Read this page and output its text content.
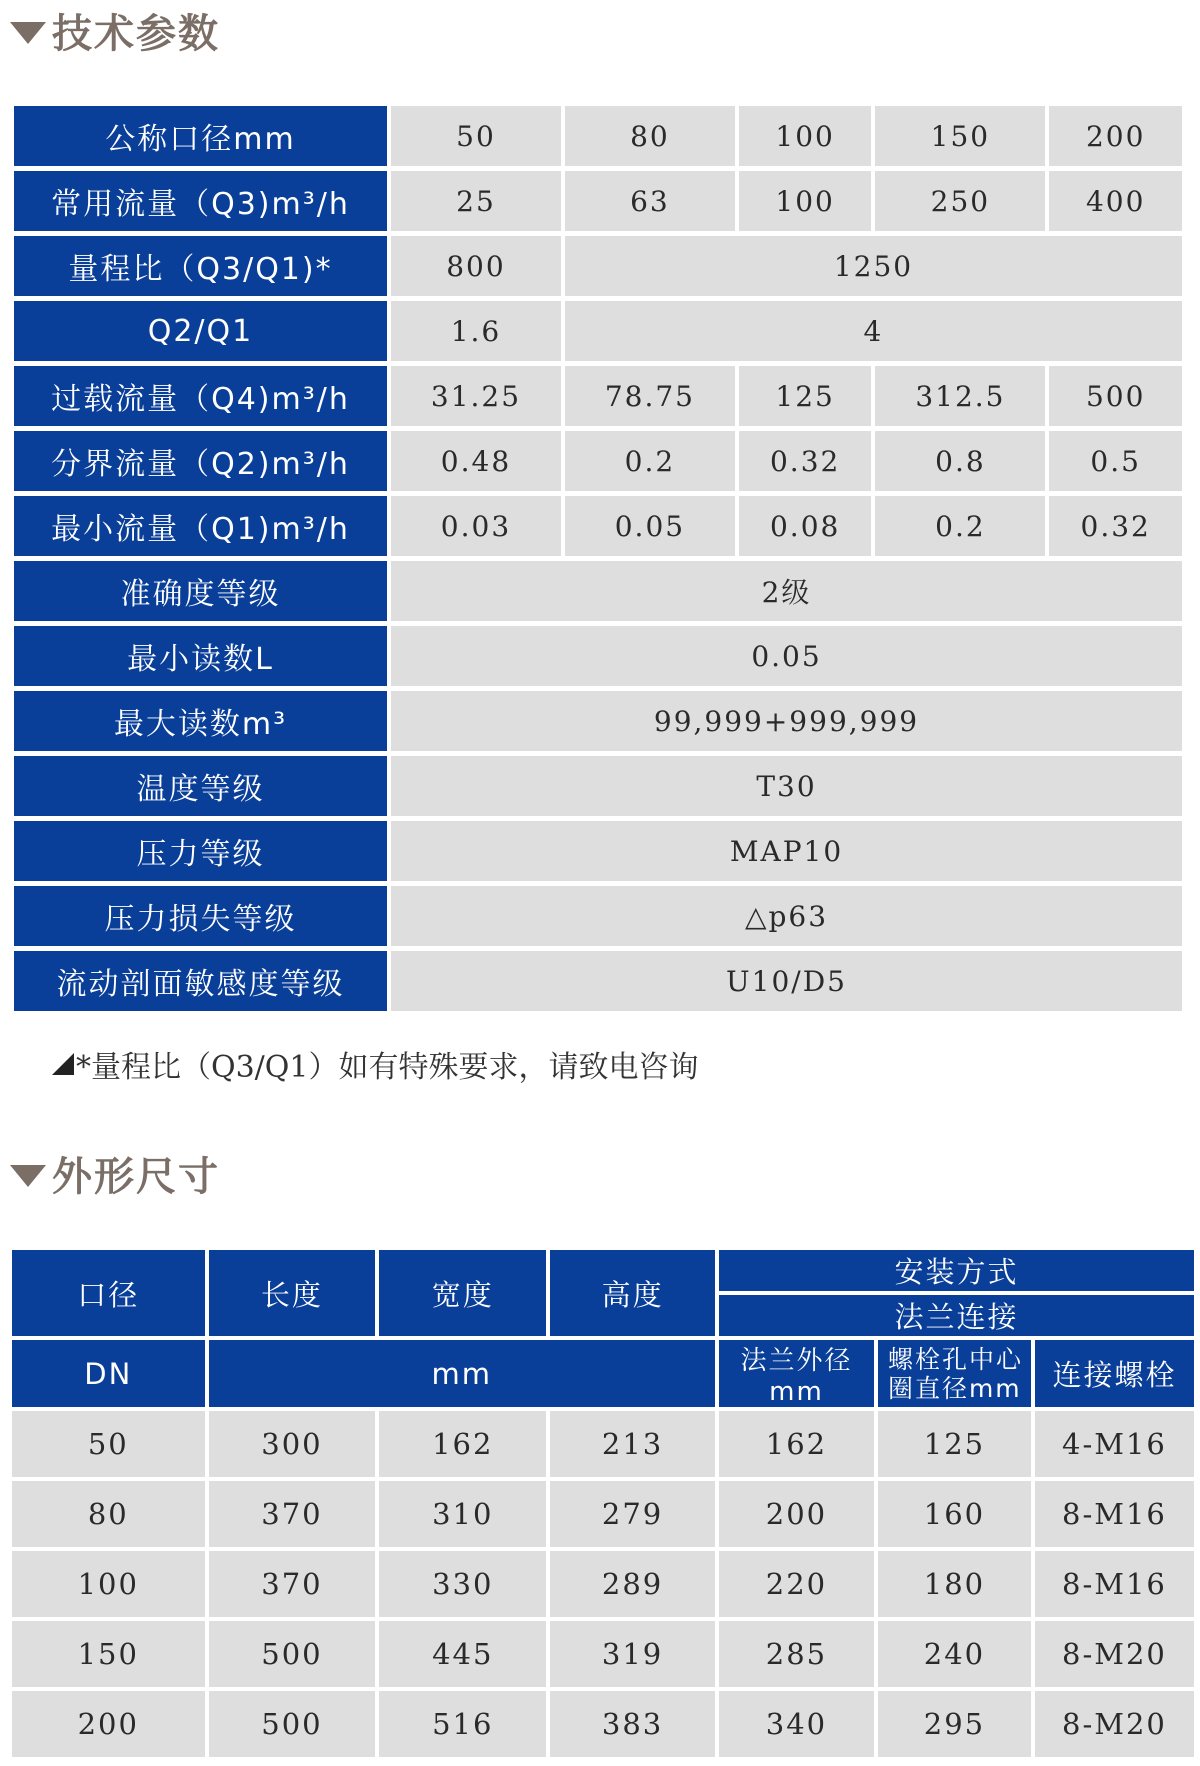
技术参数
公称口径mm	50	80	100	150	200
常用流量（Q3)m³/h	25	63	100	250	400
量程比（Q3/Q1)*	800	1250			
Q2/Q1	1.6	4			
过载流量（Q4)m³/h	31.25	78.75	125	312.5	500
分界流量（Q2)m³/h	0.48	0.2	0.32	0.8	0.5
最小流量（Q1)m³/h	0.03	0.05	0.08	0.2	0.32
准确度等级	2级				
最小读数L	0.05				
最大读数m³	99,999+999,999				
温度等级	T30				
压力等级	MAP10				
压力损失等级	△p63				
流动剖面敏感度等级	U10/D5				
*量程比（Q3/Q1）如有特殊要求，请致电咨询
外形尺寸
口径	长度	宽度	高度	安装方式		
				法兰连接		
DN	mm			法兰外径mm	螺栓孔中心圈直径mm	连接螺栓
50	300	162	213	162	125	4-M16
80	370	310	279	200	160	8-M16
100	370	330	289	220	180	8-M16
150	500	445	319	285	240	8-M20
200	500	516	383	340	295	8-M20
